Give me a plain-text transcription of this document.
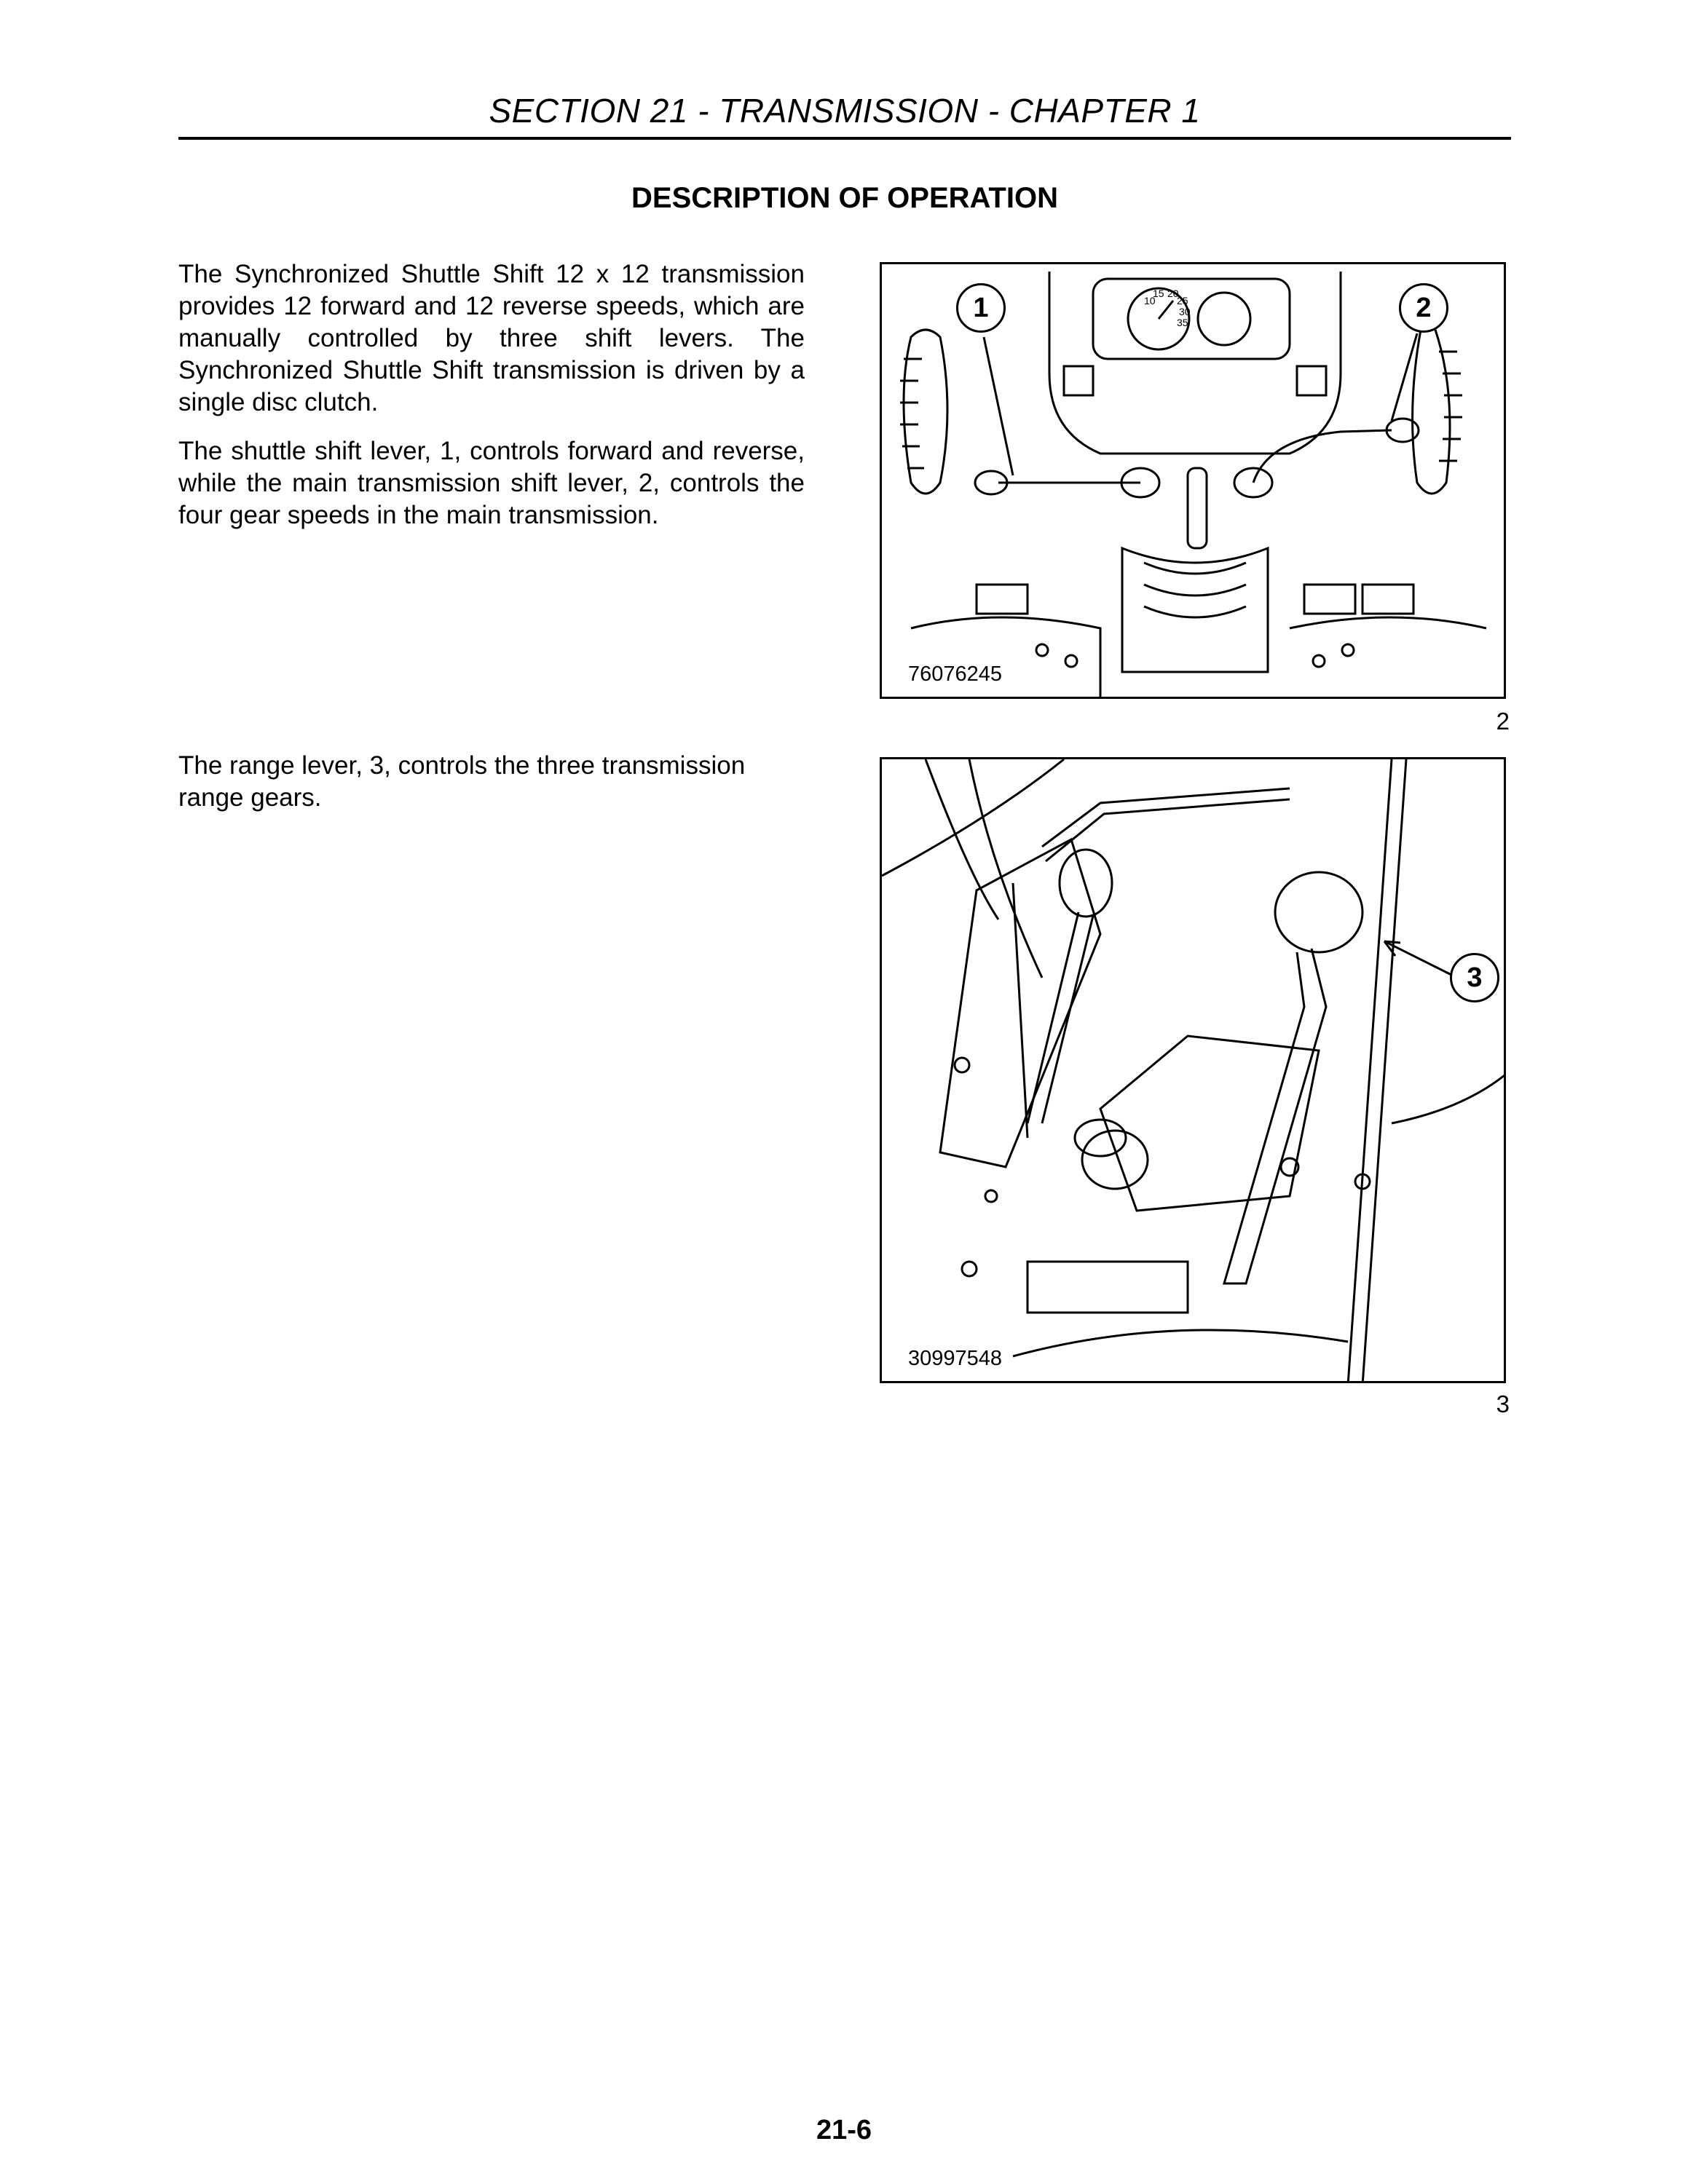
SECTION 21 - TRANSMISSION - CHAPTER 1
DESCRIPTION OF OPERATION

The Synchronized Shuttle Shift 12 x 12 transmission provides 12 forward and 12 reverse speeds, which are manually controlled by three shift levers. The Synchronized Shuttle Shift transmission is driven by a single disc clutch.

The shuttle shift lever, 1, controls forward and reverse, while the main transmission shift lever, 2, controls the four gear speeds in the main transmission.

The range lever, 3, controls the three transmission range gears.

10
15 20
25
30
35
1	2
76076245
2
3
30997548
3
21-6
